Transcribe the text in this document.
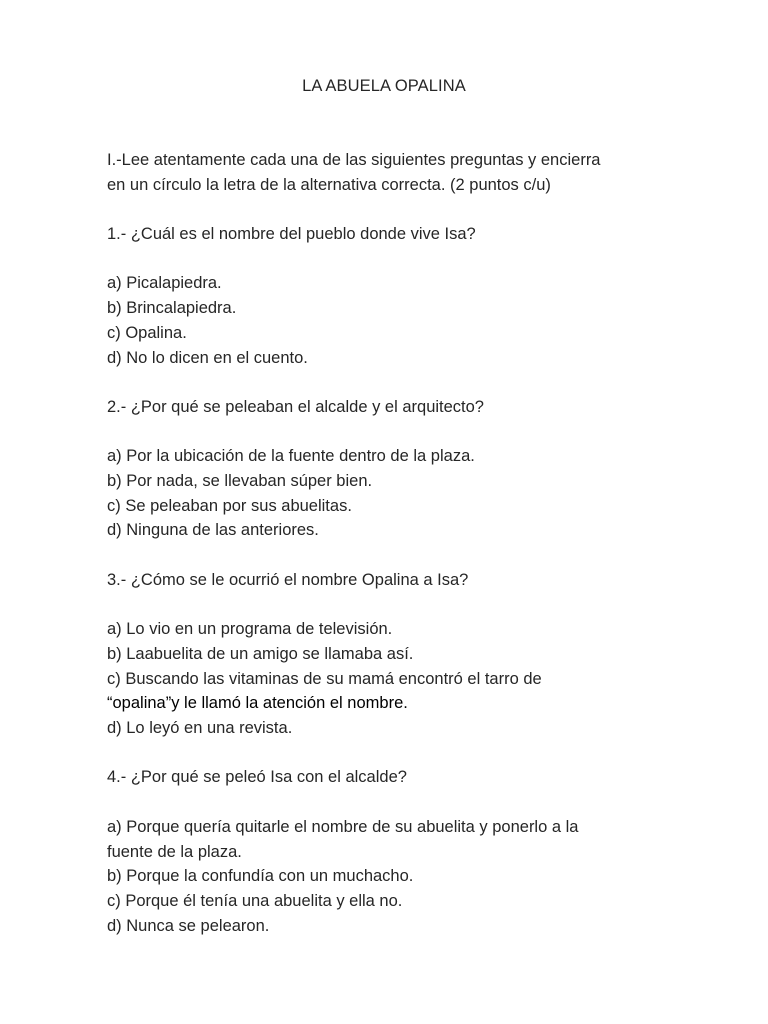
LA ABUELA OPALINA

I.-Lee atentamente cada una de las siguientes preguntas y encierra

en un círculo la letra de la alternativa correcta. (2 puntos c/u)

1.- ¿Cuál es el nombre del pueblo donde vive Isa?

a) Picalapiedra.

b) Brincalapiedra.

c) Opalina.

d) No lo dicen en el cuento.

2.- ¿Por qué se peleaban el alcalde y el arquitecto?

a) Por la ubicación de la fuente dentro de la plaza.

b) Por nada, se llevaban súper bien.

c) Se peleaban por sus abuelitas.

d) Ninguna de las anteriores.

3.- ¿Cómo se le ocurrió el nombre Opalina a Isa?

a) Lo vio en un programa de televisión.

b) Laabuelita de un amigo se llamaba así.

c) Buscando las vitaminas de su mamá encontró el tarro de

“opalina”y le llamó la atención el nombre.

d) Lo leyó en una revista.

4.- ¿Por qué se peleó Isa con el alcalde?

a) Porque quería quitarle el nombre de su abuelita y ponerlo a la

fuente de la plaza.

b) Porque la confundía con un muchacho.

c) Porque él tenía una abuelita y ella no.

d) Nunca se pelearon.
